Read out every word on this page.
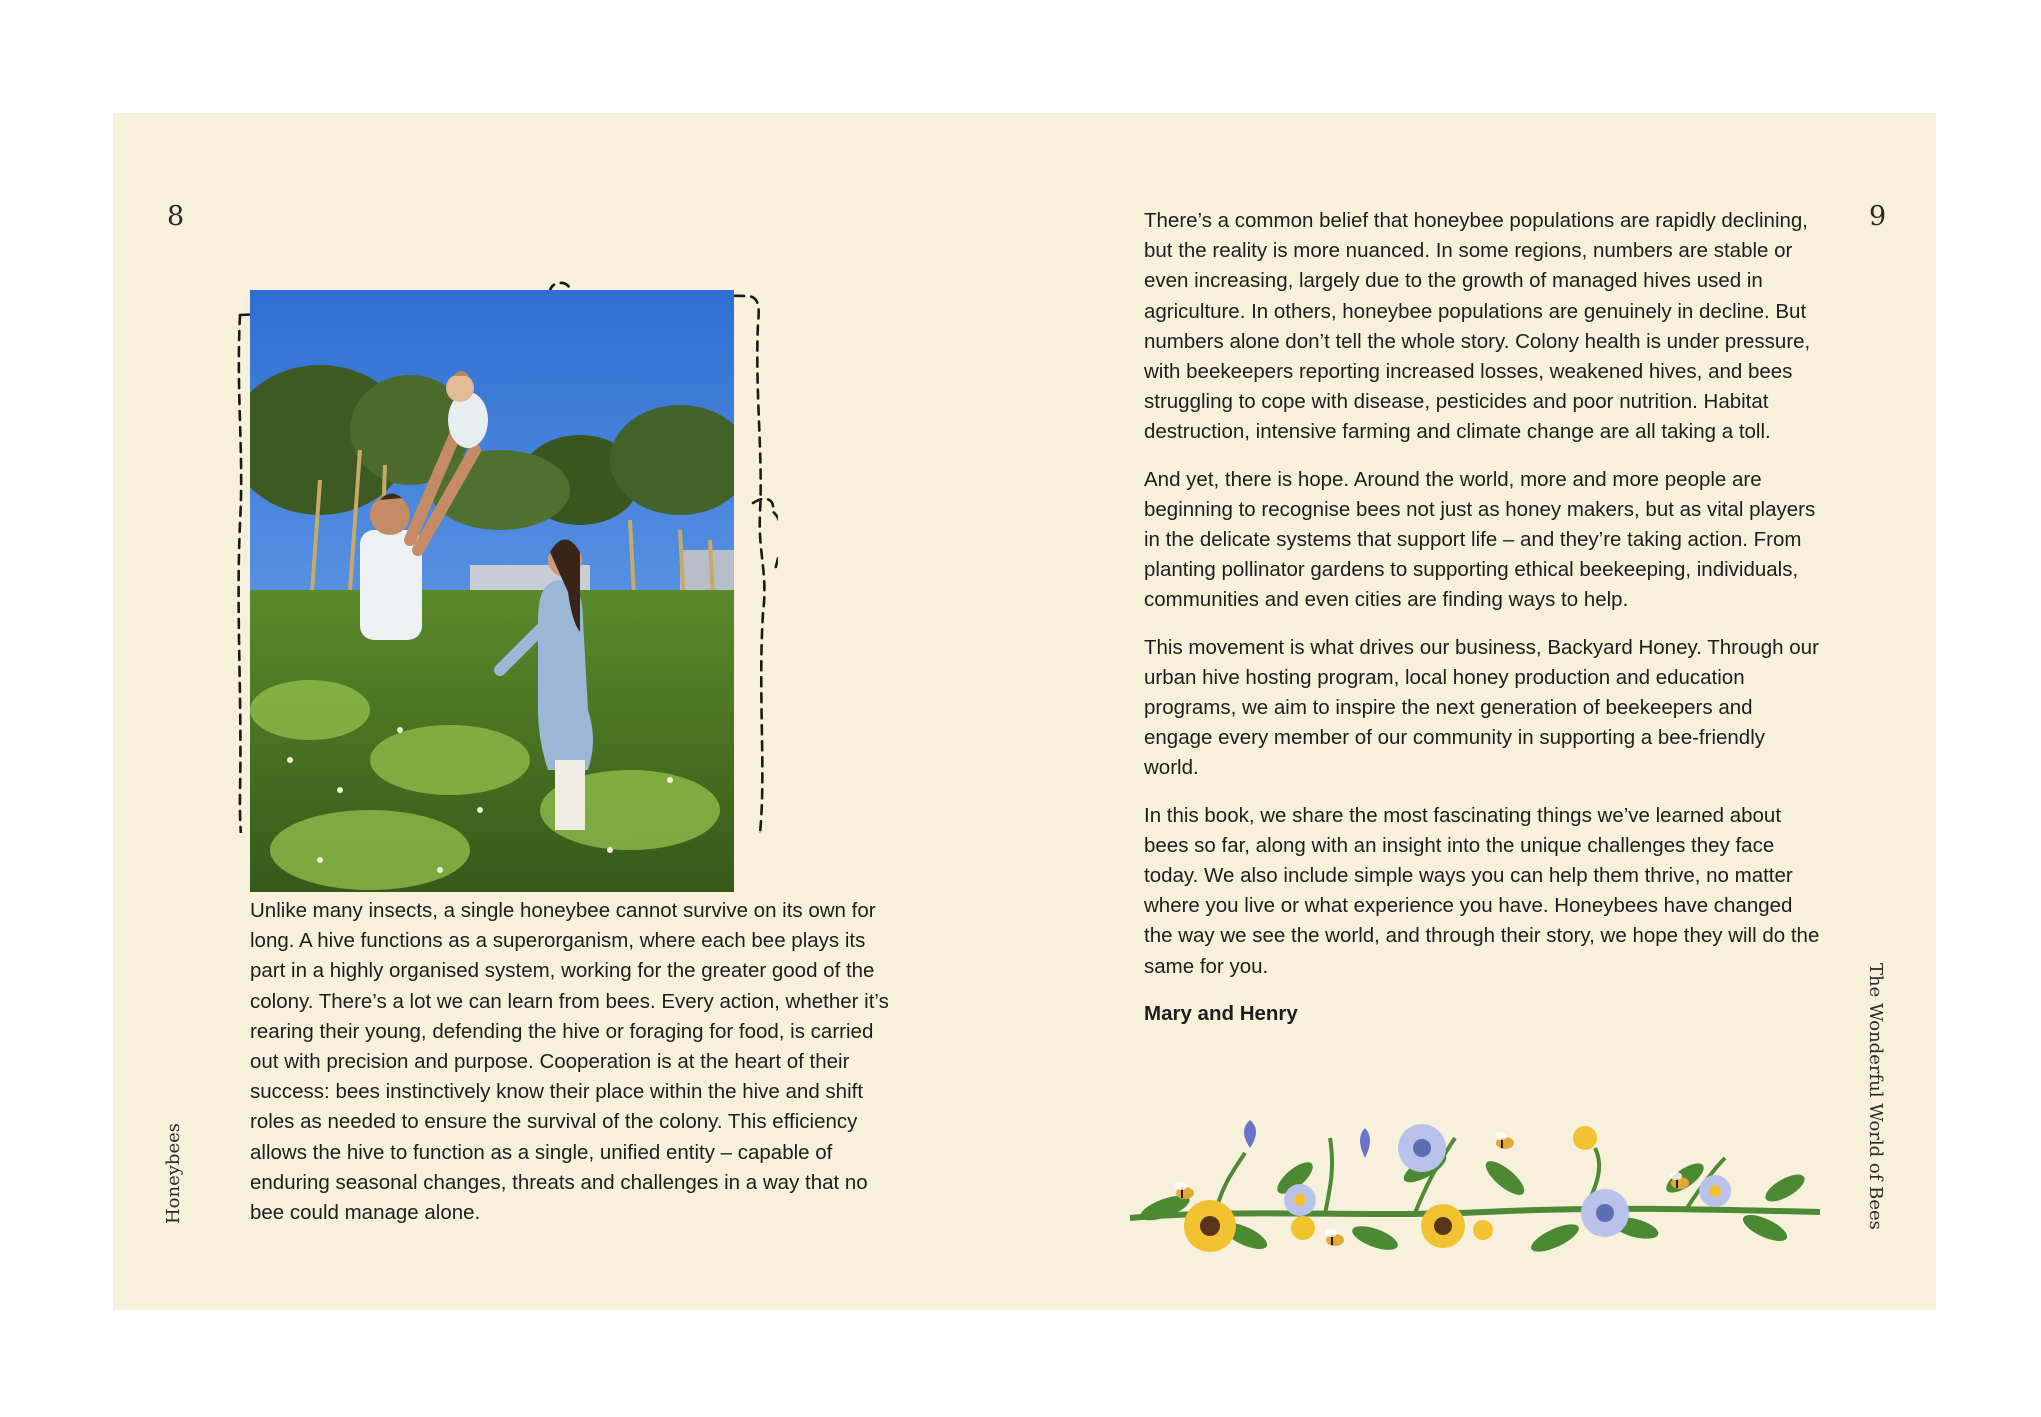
8

Unlike many insects, a single honeybee cannot survive on its own for long. A hive functions as a superorganism, where each bee plays its part in a highly organised system, working for the greater good of the colony. There’s a lot we can learn from bees. Every action, whether it’s rearing their young, defending the hive or foraging for food, is carried out with precision and purpose. Cooperation is at the heart of their success: bees instinctively know their place within the hive and shift roles as needed to ensure the survival of the colony. This efficiency allows the hive to function as a single, unified entity – capable of enduring seasonal changes, threats and challenges in a way that no bee could manage alone.

Honeybees
9

There’s a common belief that honeybee populations are rapidly declining, but the reality is more nuanced. In some regions, numbers are stable or even increasing, largely due to the growth of managed hives used in agriculture. In others, honeybee populations are genuinely in decline. But numbers alone don’t tell the whole story. Colony health is under pressure, with beekeepers reporting increased losses, weakened hives, and bees struggling to cope with disease, pesticides and poor nutrition. Habitat destruction, intensive farming and climate change are all taking a toll.

And yet, there is hope. Around the world, more and more people are beginning to recognise bees not just as honey makers, but as vital players in the delicate systems that support life – and they’re taking action. From planting pollinator gardens to supporting ethical beekeeping, individuals, communities and even cities are finding ways to help.

This movement is what drives our business, Backyard Honey. Through our urban hive hosting program, local honey production and education programs, we aim to inspire the next generation of beekeepers and engage every member of our community in supporting a bee-friendly world.

In this book, we share the most fascinating things we’ve learned about bees so far, along with an insight into the unique challenges they face today. We also include simple ways you can help them thrive, no matter where you live or what experience you have. Honeybees have changed the way we see the world, and through their story, we hope they will do the same for you.

Mary and Henry	The Wonderful World of Bees
